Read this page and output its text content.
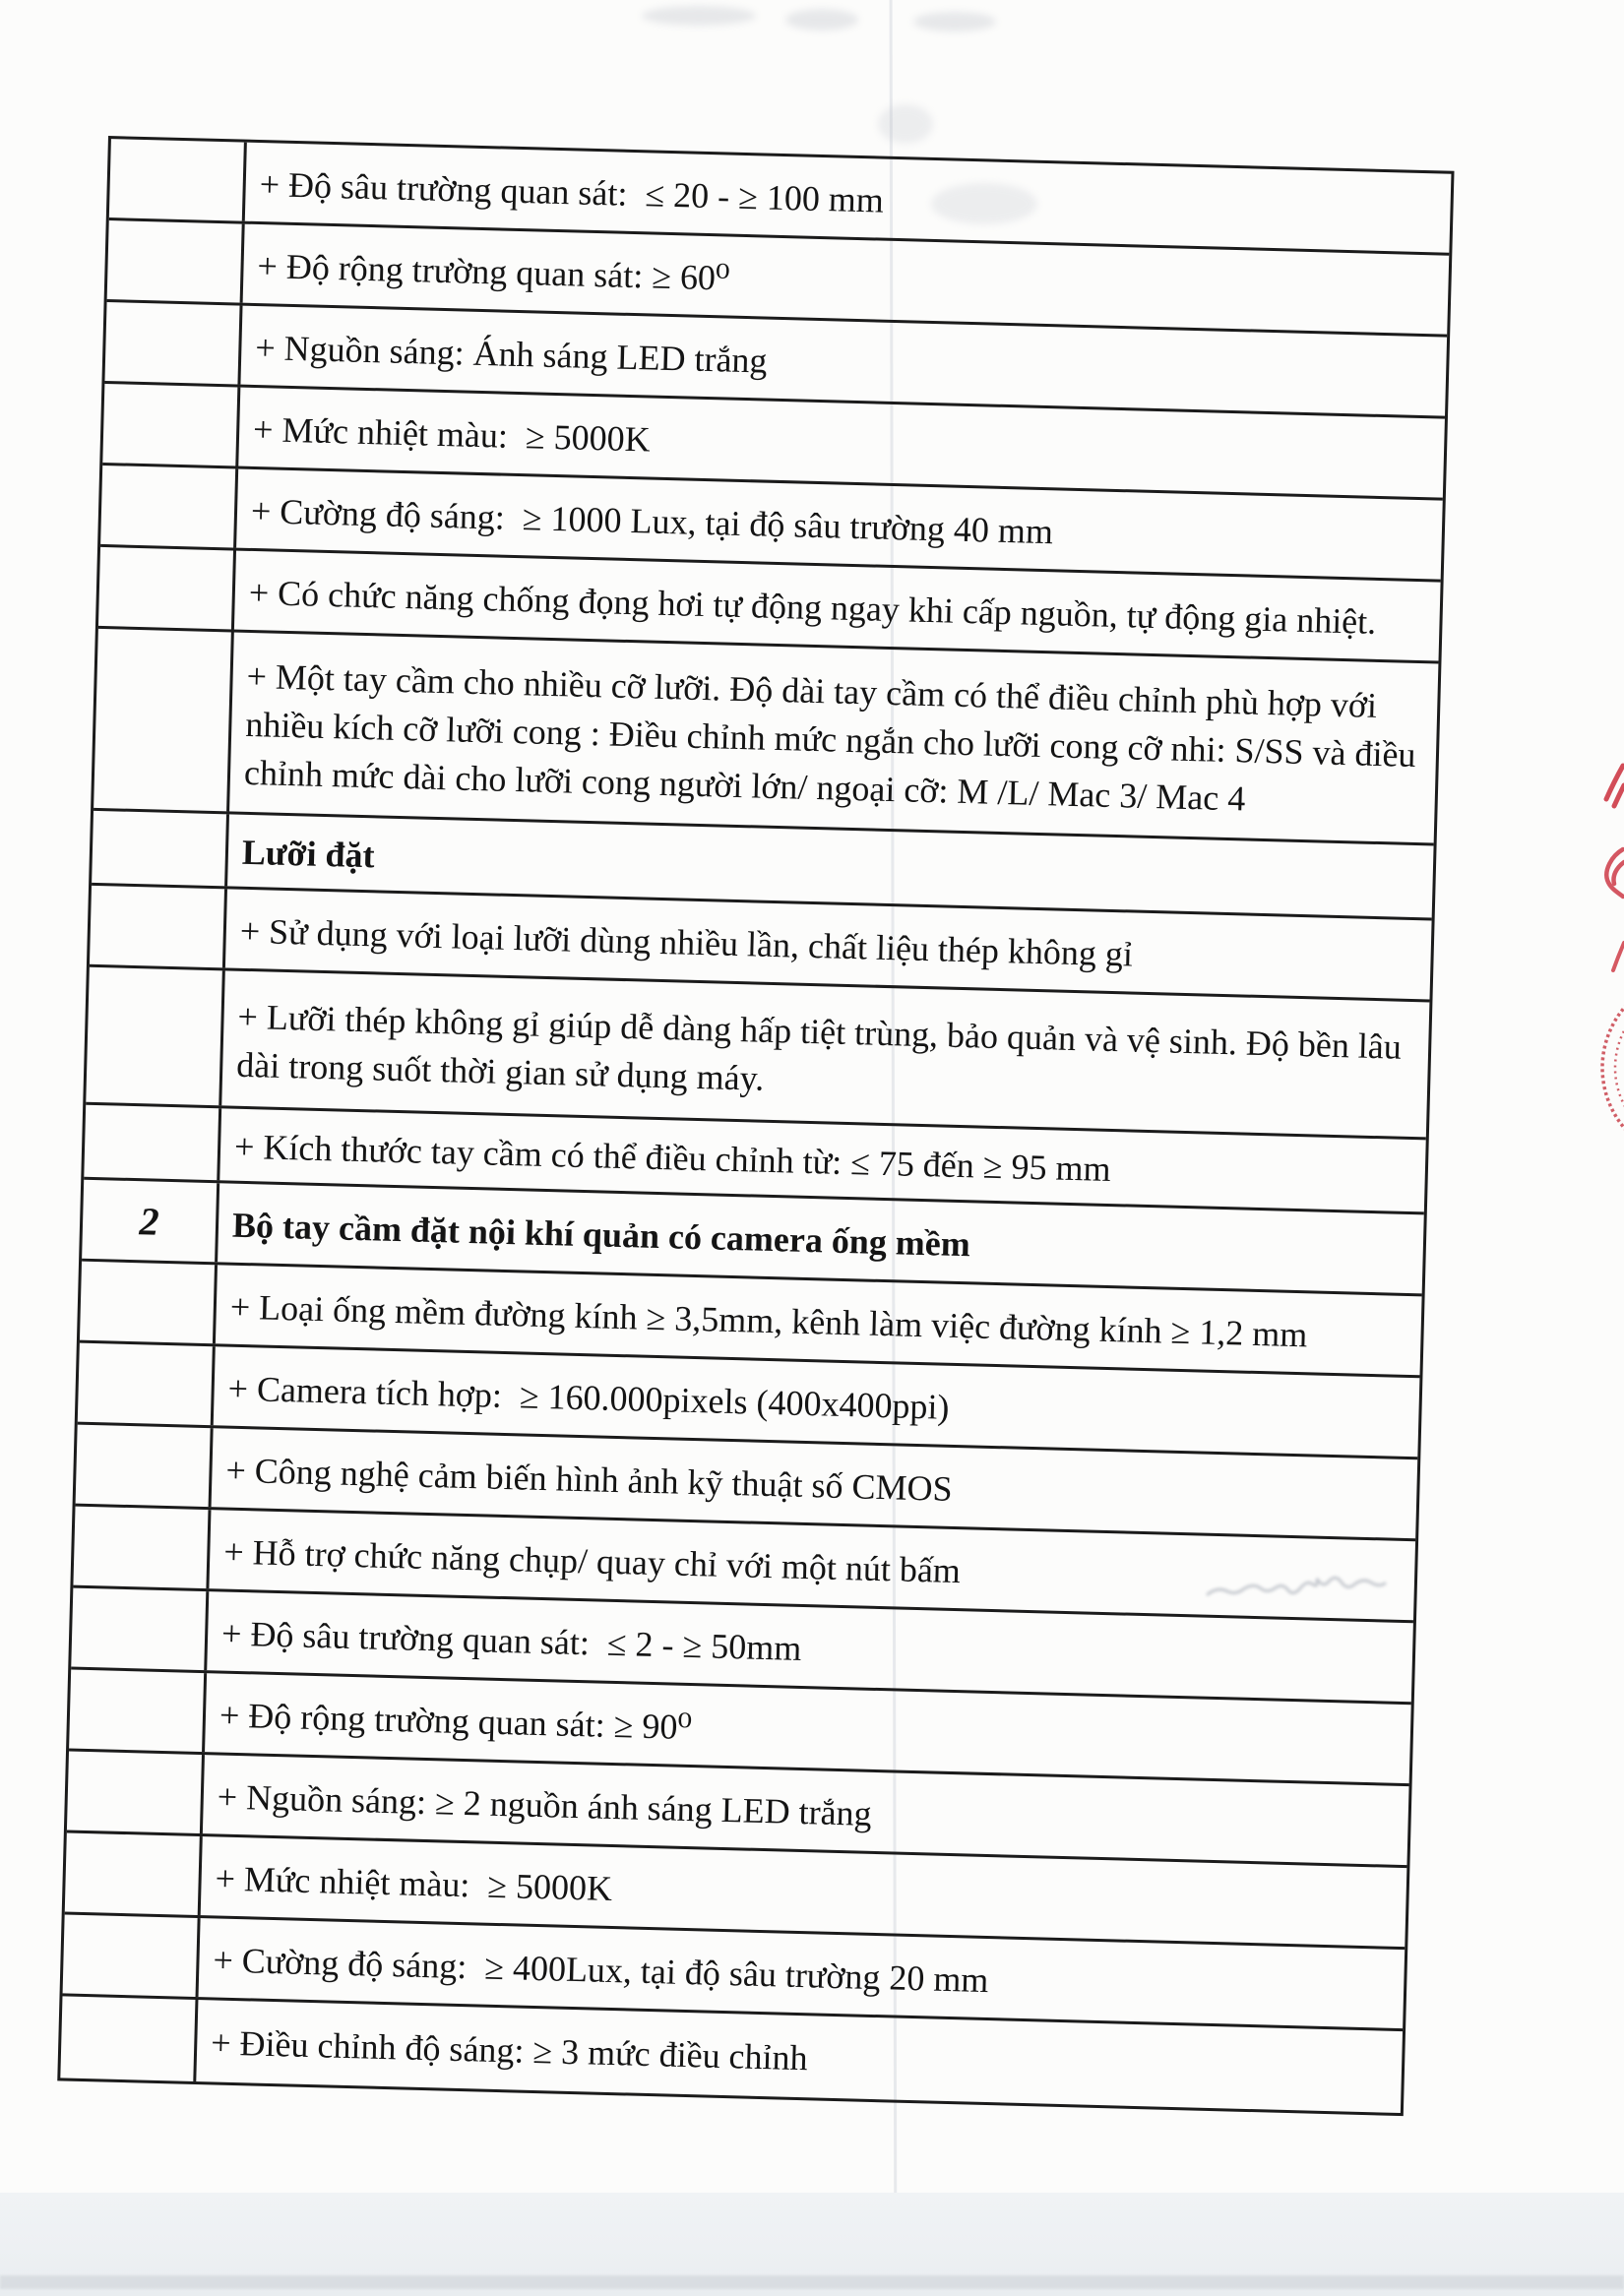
+ Độ sâu trường quan sát:  ≤ 20 - ≥ 100 mm
+ Độ rộng trường quan sát: ≥ 60⁰
+ Nguồn sáng: Ánh sáng LED trắng
+ Mức nhiệt màu:  ≥ 5000K
+ Cường độ sáng:  ≥ 1000 Lux, tại độ sâu trường 40 mm
+ Có chức năng chống đọng hơi tự động ngay khi cấp nguồn, tự động gia nhiệt.
+ Một tay cầm cho nhiều cỡ lưỡi. Độ dài tay cầm có thể điều chỉnh phù hợp với
nhiều kích cỡ lưỡi cong : Điều chỉnh mức ngắn cho lưỡi cong cỡ nhi: S/SS và điều
chỉnh mức dài cho lưỡi cong người lớn/ ngoại cỡ: M /L/ Mac 3/ Mac 4
Lưỡi đặt
+ Sử dụng với loại lưỡi dùng nhiều lần, chất liệu thép không gỉ
+ Lưỡi thép không gỉ giúp dễ dàng hấp tiệt trùng, bảo quản và vệ sinh. Độ bền lâu
dài trong suốt thời gian sử dụng máy.
+ Kích thước tay cầm có thể điều chỉnh từ: ≤ 75 đến ≥ 95 mm
2	Bộ tay cầm đặt nội khí quản có camera ống mềm
+ Loại ống mềm đường kính ≥ 3,5mm, kênh làm việc đường kính ≥ 1,2 mm
+ Camera tích hợp:  ≥ 160.000pixels (400x400ppi)
+ Công nghệ cảm biến hình ảnh kỹ thuật số CMOS
+ Hỗ trợ chức năng chụp/ quay chỉ với một nút bấm
+ Độ sâu trường quan sát:  ≤ 2 - ≥ 50mm
+ Độ rộng trường quan sát: ≥ 90⁰
+ Nguồn sáng: ≥ 2 nguồn ánh sáng LED trắng
+ Mức nhiệt màu:  ≥ 5000K
+ Cường độ sáng:  ≥ 400Lux, tại độ sâu trường 20 mm
+ Điều chỉnh độ sáng: ≥ 3 mức điều chỉnh
